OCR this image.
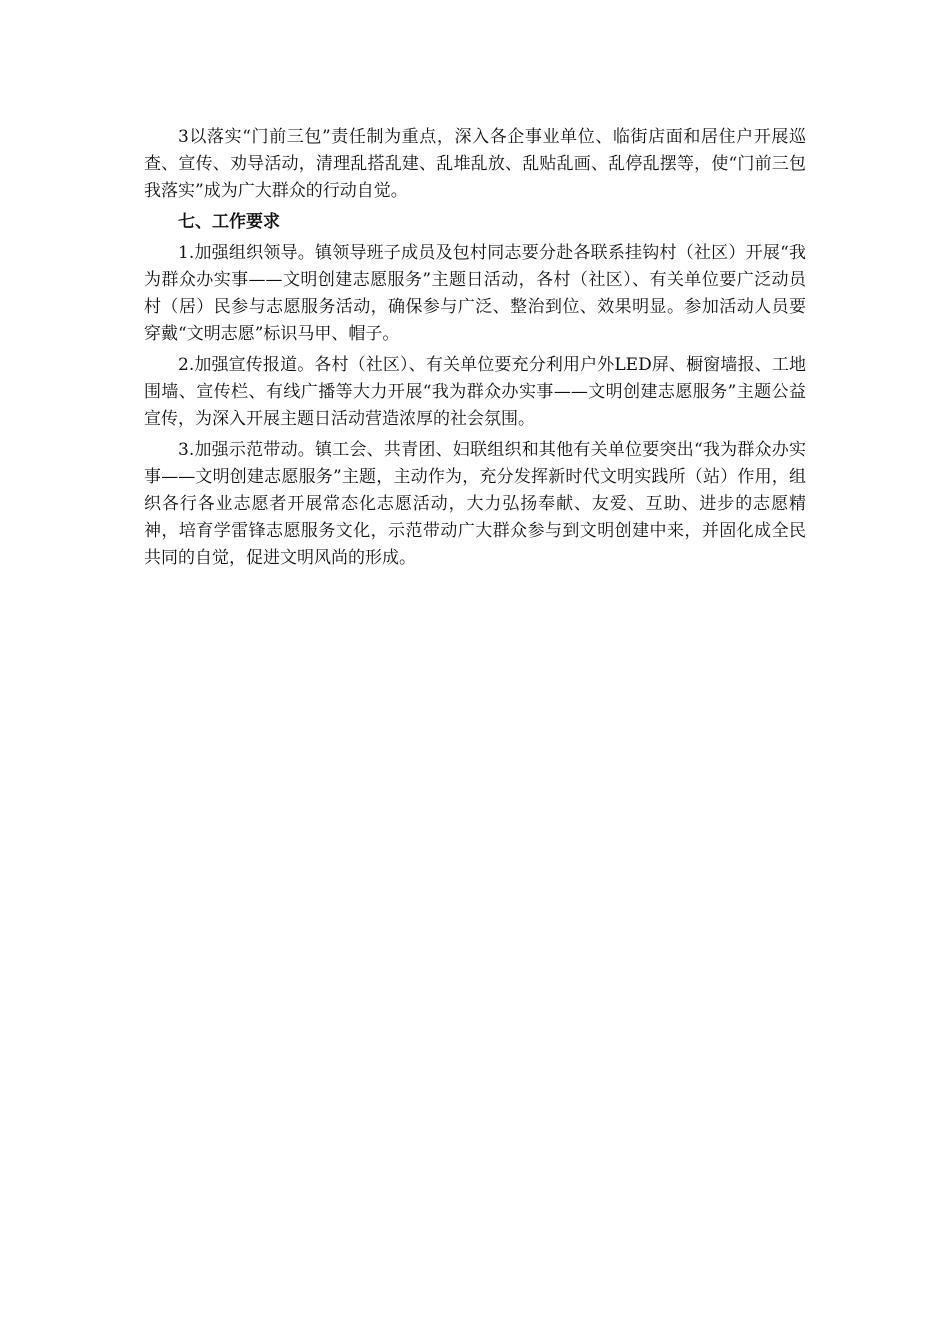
3以落实“门前三包”责任制为重点，深入各企事业单位、临街店面和居住户开展巡查、宣传、劝导活动，清理乱搭乱建、乱堆乱放、乱贴乱画、乱停乱摆等，使“门前三包我落实”成为广大群众的行动自觉。

七、工作要求

1.加强组织领导。镇领导班子成员及包村同志要分赴各联系挂钩村（社区）开展“我为群众办实事——文明创建志愿服务”主题日活动，各村（社区）、有关单位要广泛动员村（居）民参与志愿服务活动，确保参与广泛、整治到位、效果明显。参加活动人员要穿戴“文明志愿”标识马甲、帽子。

2.加强宣传报道。各村（社区）、有关单位要充分利用户外LED屏、橱窗墙报、工地围墙、宣传栏、有线广播等大力开展“我为群众办实事——文明创建志愿服务”主题公益宣传，为深入开展主题日活动营造浓厚的社会氛围。

3.加强示范带动。镇工会、共青团、妇联组织和其他有关单位要突出“我为群众办实事——文明创建志愿服务”主题，主动作为，充分发挥新时代文明实践所（站）作用，组织各行各业志愿者开展常态化志愿活动，大力弘扬奉献、友爱、互助、进步的志愿精神，培育学雷锋志愿服务文化，示范带动广大群众参与到文明创建中来，并固化成全民共同的自觉，促进文明风尚的形成。
